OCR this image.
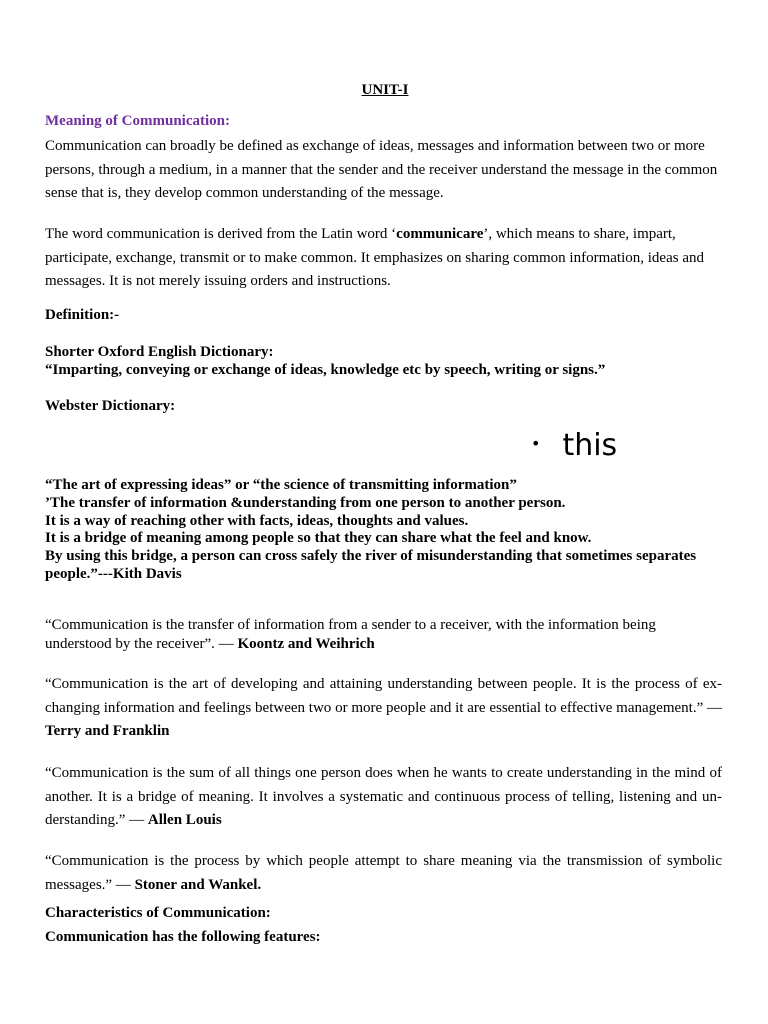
UNIT-I
Meaning of Communication:

Communication can broadly be defined as exchange of ideas, messages and information between two or more persons, through a medium, in a manner that the sender and the receiver understand the message in the common sense that is, they develop common understanding of the message.

The word communication is derived from the Latin word ‘communicare’, which means to share, impart, participate, exchange, transmit or to make common. It emphasizes on sharing common information, ideas and messages. It is not merely issuing orders and instructions.

Definition:-
Shorter Oxford English Dictionary:
“Imparting, conveying or exchange of ideas, knowledge etc by speech, writing or signs.”
Webster Dictionary:
• this
“The art of expressing ideas” or “the science of transmitting information”
’The transfer of information &understanding from one person to another person.
It is a way of reaching other with facts, ideas, thoughts and values.
It is a bridge of meaning among people so that they can share what the feel and know.
By using this bridge, a person can cross safely the river of misunderstanding that sometimes separates people.”---Kith Davis

“Communication is the transfer of information from a sender to a receiver, with the information being understood by the receiver”. — Koontz and Weihrich

“Communication is the art of developing and attaining understanding between people. It is the process of ex-changing information and feelings between two or more people and it are essential to effective management.” — Terry and Franklin

“Communication is the sum of all things one person does when he wants to create understanding in the mind of another. It is a bridge of meaning. It involves a systematic and continuous process of telling, listening and un-derstanding.” — Allen Louis

“Communication is the process by which people attempt to share meaning via the transmission of symbolic messages.” — Stoner and Wankel.

Characteristics of Communication:
Communication has the following features:
